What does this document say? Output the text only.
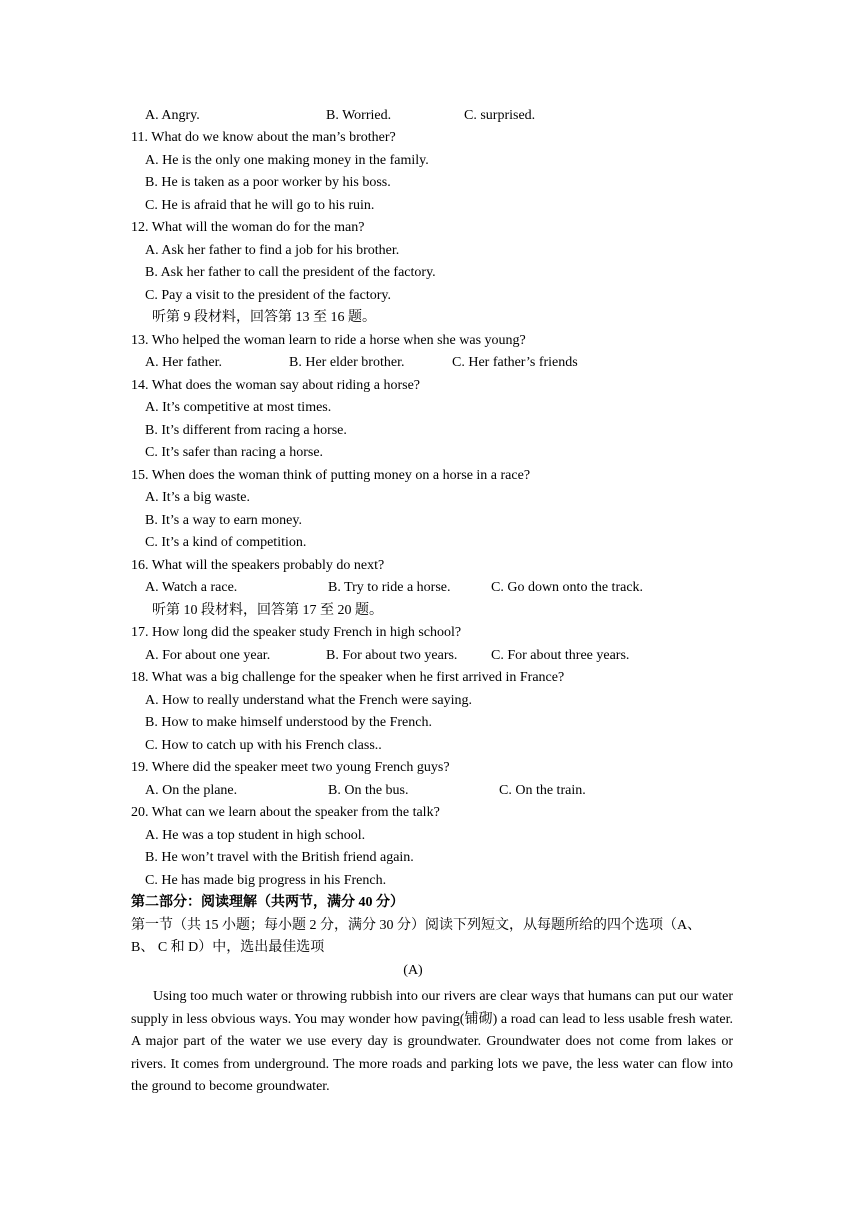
A. Angry.	B. Worried.	C. surprised.
11. What do we know about the man’s brother?
A. He is the only one making money in the family.
B. He is taken as a poor worker by his boss.
C. He is afraid that he will go to his ruin.
12. What will the woman do for the man?
A. Ask her father to find a job for his brother.
B. Ask her father to call the president of the factory.
C. Pay a visit to the president of the factory.
听第 9 段材料，回答第 13 至 16 题。
13. Who helped the woman learn to ride a horse when she was young?
A. Her father.	B. Her elder brother.	C. Her father’s friends
14. What does the woman say about riding a horse?
A. It’s competitive at most times.
B. It’s different from racing a horse.
C. It’s safer than racing a horse.
15. When does the woman think of putting money on a horse in a race?
A. It’s a big waste.
B. It’s a way to earn money.
C. It’s a kind of competition.
16. What will the speakers probably do next?
A. Watch a race.	B. Try to ride a horse.	C. Go down onto the track.
听第 10 段材料，回答第 17 至 20 题。
17. How long did the speaker study French in high school?
A. For about one year.	B. For about two years. C. For about three years.
18. What was a big challenge for the speaker when he first arrived in France?
A. How to really understand what the French were saying.
B. How to make himself understood by the French.
C. How to catch up with his French class..
19. Where did the speaker meet two young French guys?
A. On the plane.	B. On the bus.	C. On the train.
20. What can we learn about the speaker from the talk?
A. He was a top student in high school.
B. He won’t travel with the British friend again.
C. He has made big progress in his French.
第二部分：阅读理解（共两节，满分 40 分）
第一节（共 15 小题；每小题 2 分，满分 30 分）阅读下列短文，从每题所给的四个选项（A、
B、 C 和 D）中，选出最佳选项
(A)
Using too much water or throwing rubbish into our rivers are clear ways that humans can put our water supply in less obvious ways. You may wonder how paving(铺砌) a road can lead to less usable fresh water. A major part of the water we use every day is groundwater. Groundwater does not come from lakes or rivers. It comes from underground. The more roads and parking lots we pave, the less water can flow into the ground to become groundwater.
